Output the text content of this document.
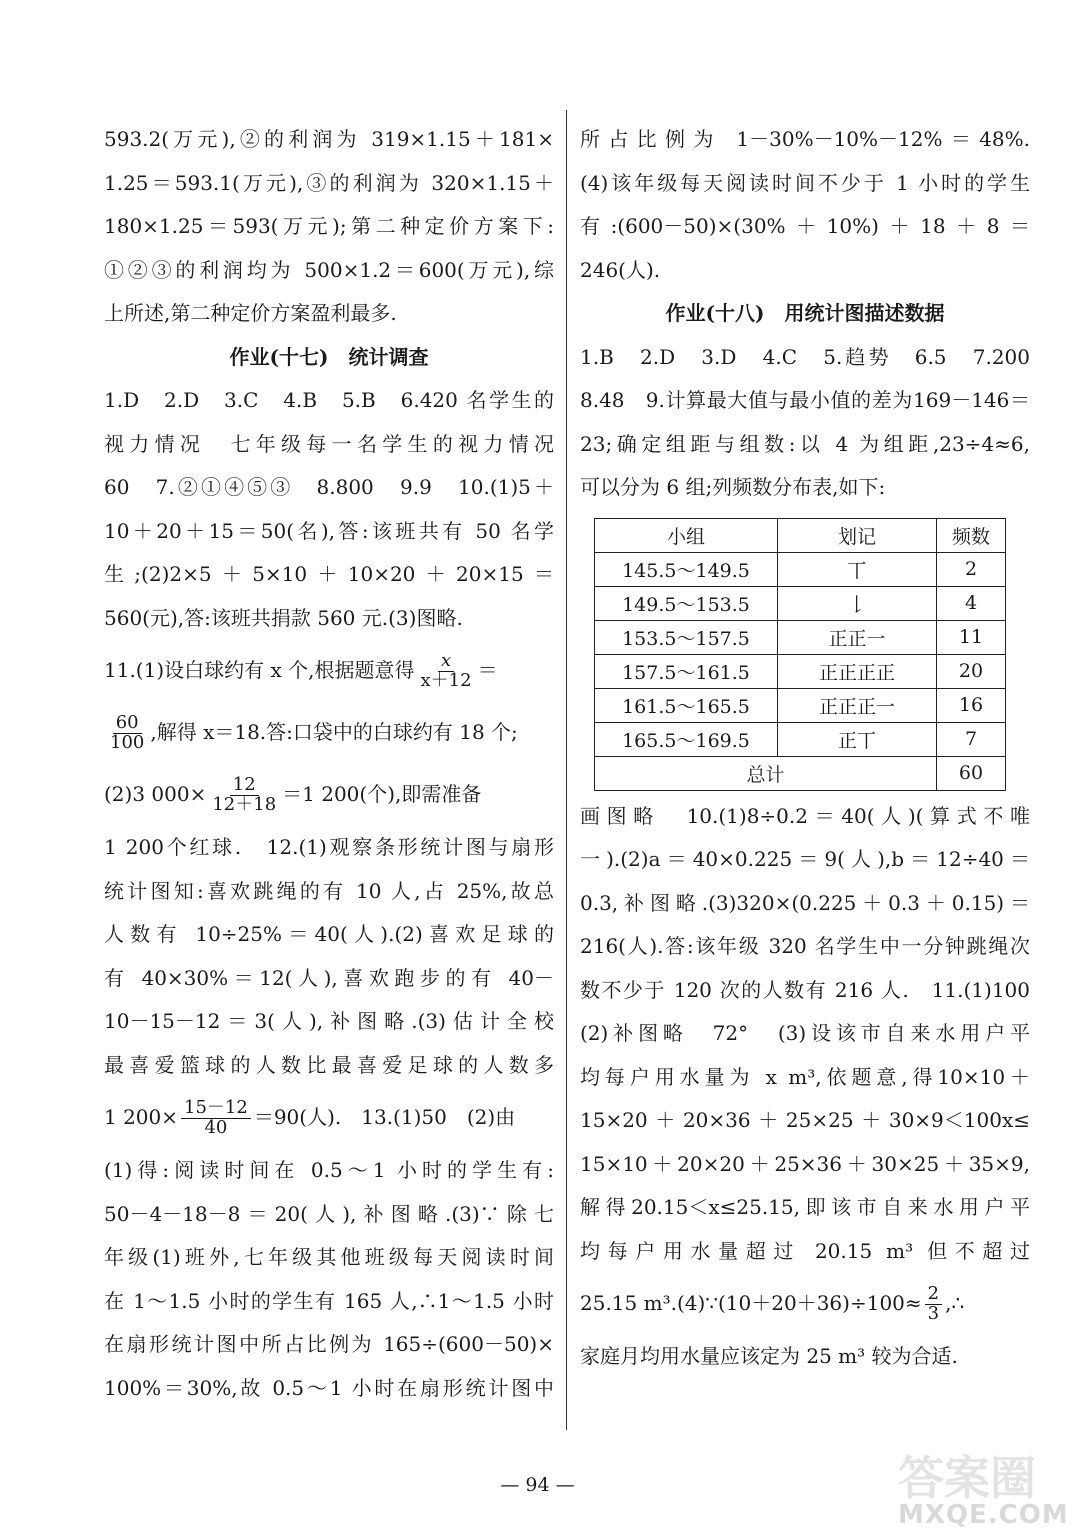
593.2(万元),②的利润为 319×1.15＋181×
1.25＝593.1(万元),③的利润为 320×1.15＋
180×1.25＝593(万元);第二种定价方案下:
①②③的利润均为 500×1.2＝600(万元),综
上所述,第二种定价方案盈利最多.
作业(十七)　统计调查
1.D　2.D　3.C　4.B　5.B　6.420 名学生的
视力情况　七年级每一名学生的视力情况
60　7.②①④⑤③　8.800　9.9　10.(1)5＋
10＋20＋15＝50(名),答:该班共有 50 名学
生;(2)2×5＋5×10＋10×20＋20×15＝
560(元),答:该班共捐款 560 元.(3)图略.
11.(1)设白球约有 x 个,根据题意得 $\frac{x}{x+12}$ ＝
$\frac{60}{100}$ ,解得 x＝18.答:口袋中的白球约有 18 个;
(2)3 $000\times \frac{12}{12+18} =1$ 200(个),即需准备
1 200个红球.　12.(1)观察条形统计图与扇形
统计图知:喜欢跳绳的有 10 人,占 25%,故总
人数有 10÷25%＝40(人).(2)喜欢足球的
有 40×30%＝12(人),喜欢跑步的有 40－
10－15－12＝3(人),补图略.(3)估计全校
最喜爱篮球的人数比最喜爱足球的人数多
1 $200\times \frac{15-12}{40} =90$(人).　13.(1)50　(2)由
(1)得:阅读时间在 0.5～1 小时的学生有:
50－4－18－8＝20(人),补图略.(3)∵除七
年级(1)班外,七年级其他班级每天阅读时间
在 1～1.5 小时的学生有 165 人,∴1～1.5 小时
在扇形统计图中所占比例为 165÷(600－50)×
100%＝30%,故 0.5～1 小时在扇形统计图中
所占比例为 1－30%－10%－12%＝48%.
(4)该年级每天阅读时间不少于 1 小时的学生
有:(600－50)×(30%＋10%)＋18＋8＝
246(人).
作业(十八)　用统计图描述数据
1.B　2.D　3.D　4.C　5.趋势　6.5　7.200
8.48　9.计算最大值与最小值的差为169－146＝
23;确定组距与组数:以 4 为组距,23÷4≈6,
可以分为 6 组;列频数分布表,如下:
小组	划记	频数
145.5～149.5	丅	2
149.5～153.5	𠄌	4
153.5～157.5	正正一	11
157.5～161.5	正正正正	20
161.5～165.5	正正正一	16
165.5～169.5	正丅	7
总计		60
画图略　10.(1)8÷0.2＝40(人)(算式不唯
一).(2)a＝40×0.225＝9(人),b＝12÷40＝
0.3,补图略.(3)320×(0.225＋0.3＋0.15)＝
216(人).答:该年级 320 名学生中一分钟跳绳次
数不少于 120 次的人数有 216 人.　11.(1)100
(2)补图略　72°　(3)设该市自来水用户平
均每户用水量为 x m³,依题意,得10×10＋
15×20＋20×36＋25×25＋30×9＜100x≤
15×10＋20×20＋25×36＋30×25＋35×9,
解得20.15＜x≤25.15,即该市自来水用户平
均每户用水量超过 20.15 m³ 但不超过
25.15 m³.(4)∵(10＋20＋36)÷100≈ $\frac{2}{3}$ ,∴
家庭月均用水量应该定为 25 m³ 较为合适.
— 94 —	答案圈
MXQE.COM
